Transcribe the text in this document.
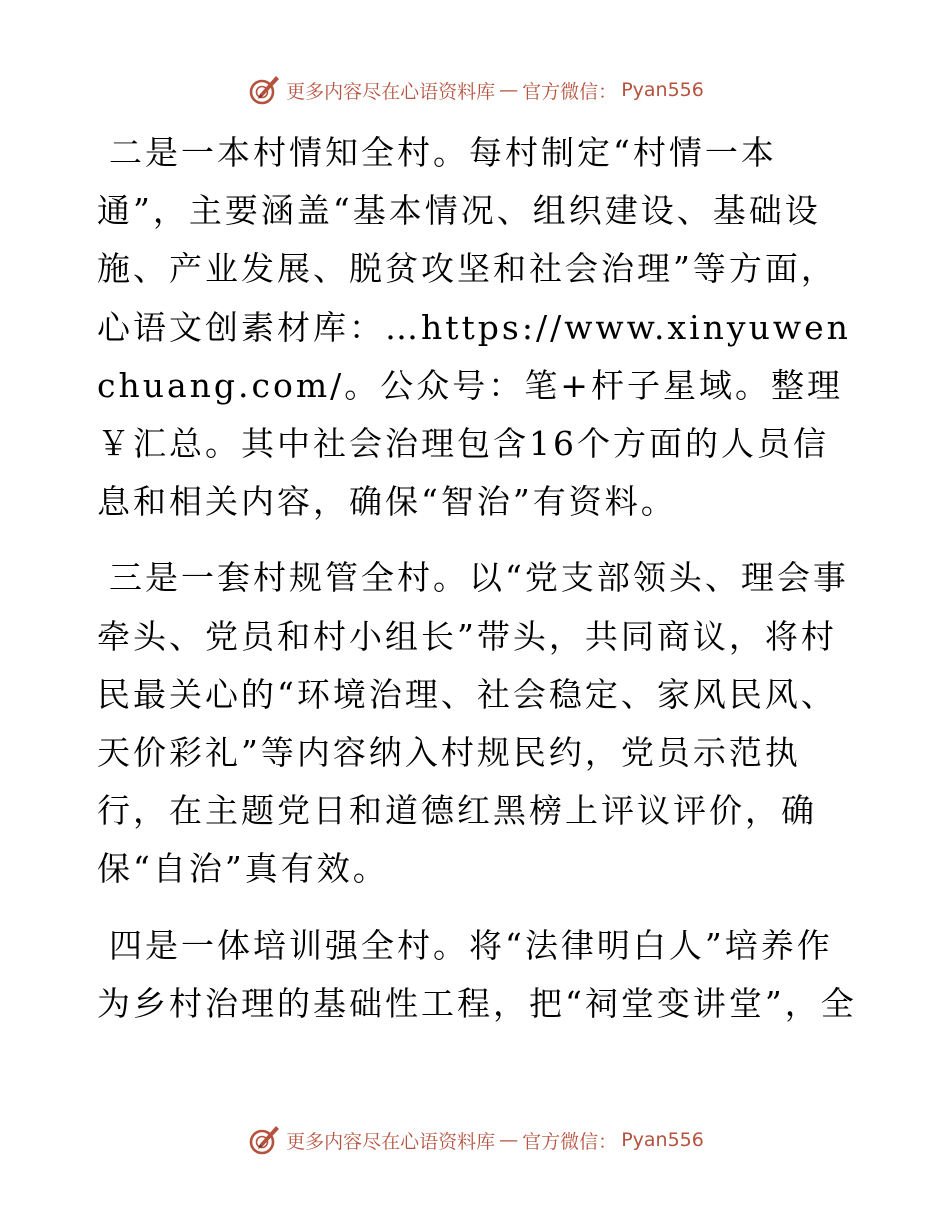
更多内容尽在心语资料库 — 官方微信： Pyan556

二是一本村情知全村。每村制定“村情一本通”，主要涵盖“基本情况、组织建设、基础设施、产业发展、脱贫攻坚和社会治理”等方面，心语文创素材库：…https://www.xinyuwenchuang.com/。公众号：笔+杆子星域。整理￥汇总。其中社会治理包含16个方面的人员信息和相关内容，确保“智治”有资料。

三是一套村规管全村。以“党支部领头、理会事牵头、党员和村小组长”带头，共同商议，将村民最关心的“环境治理、社会稳定、家风民风、天价彩礼”等内容纳入村规民约，党员示范执行，在主题党日和道德红黑榜上评议评价，确保“自治”真有效。

四是一体培训强全村。将“法律明白人”培养作为乡村治理的基础性工程，把“祠堂变讲堂”，全

更多内容尽在心语资料库 — 官方微信： Pyan556
